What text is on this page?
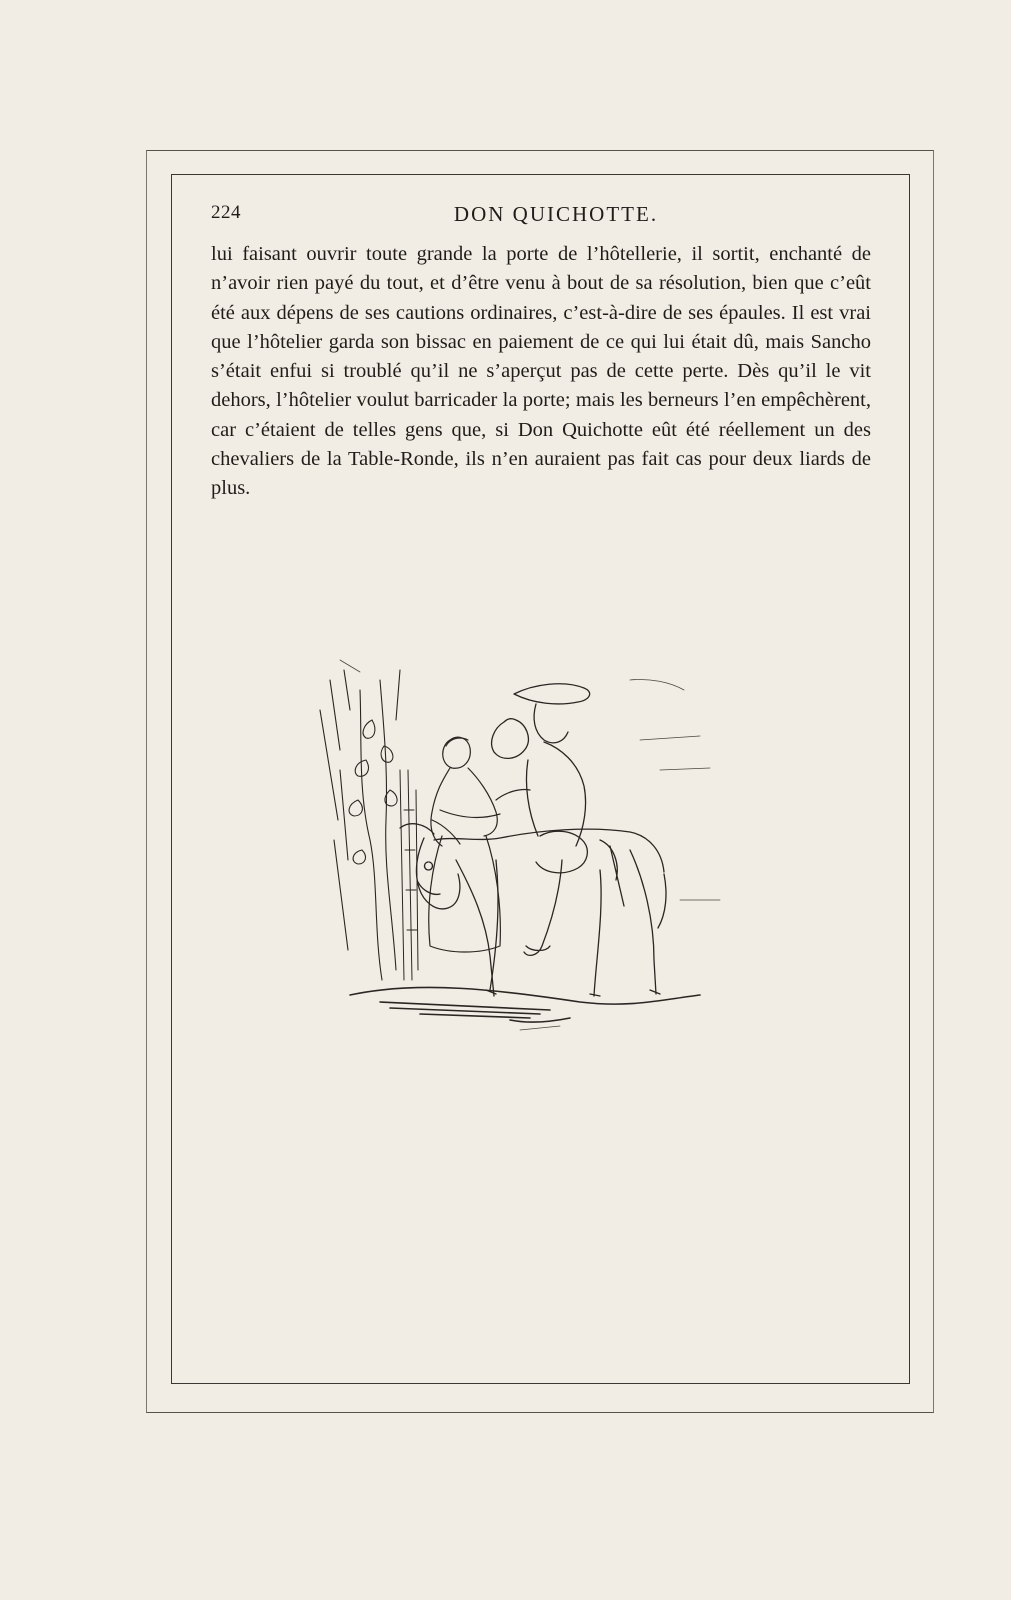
224	DON QUICHOTTE.

lui faisant ouvrir toute grande la porte de l’hôtellerie, il sortit, enchanté de n’avoir rien payé du tout, et d’être venu à bout de sa résolution, bien que c’eût été aux dépens de ses cautions ordinaires, c’est-à-dire de ses épaules. Il est vrai que l’hôtelier garda son bissac en paiement de ce qui lui était dû, mais Sancho s’était enfui si troublé qu’il ne s’aperçut pas de cette perte. Dès qu’il le vit dehors, l’hôtelier voulut barricader la porte; mais les berneurs l’en empêchèrent, car c’étaient de telles gens que, si Don Quichotte eût été réellement un des chevaliers de la Table-Ronde, ils n’en auraient pas fait cas pour deux liards de plus.
